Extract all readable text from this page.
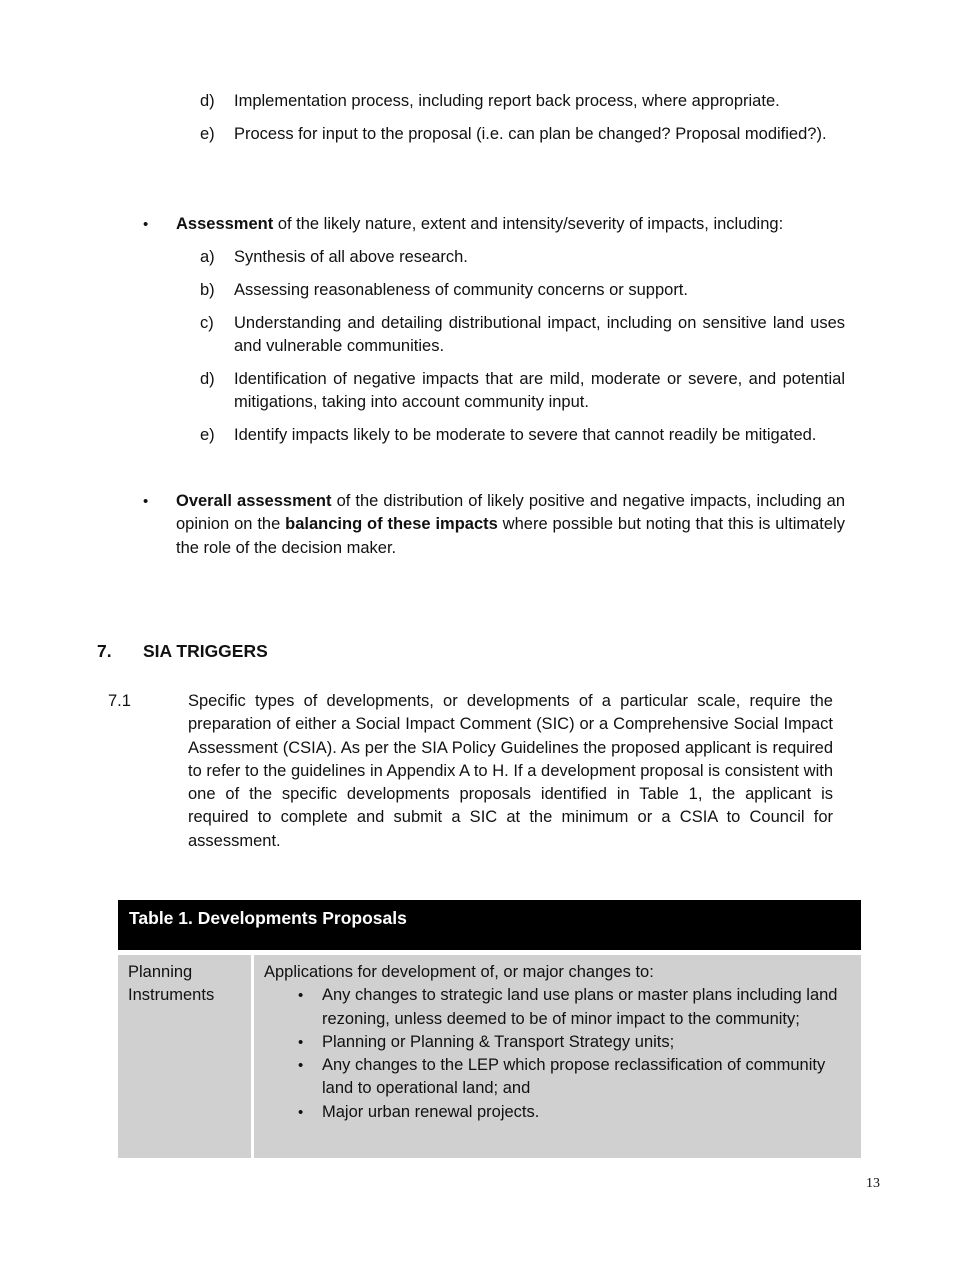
d) Implementation process, including report back process, where appropriate.
e) Process for input to the proposal (i.e. can plan be changed? Proposal modified?).
• Assessment of the likely nature, extent and intensity/severity of impacts, including:
a) Synthesis of all above research.
b) Assessing reasonableness of community concerns or support.
c) Understanding and detailing distributional impact, including on sensitive land uses and vulnerable communities.
d) Identification of negative impacts that are mild, moderate or severe, and potential mitigations, taking into account community input.
e) Identify impacts likely to be moderate to severe that cannot readily be mitigated.
• Overall assessment of the distribution of likely positive and negative impacts, including an opinion on the balancing of these impacts where possible but noting that this is ultimately the role of the decision maker.
7. SIA TRIGGERS
7.1	Specific types of developments, or developments of a particular scale, require the preparation of either a Social Impact Comment (SIC) or a Comprehensive Social Impact Assessment (CSIA). As per the SIA Policy Guidelines the proposed applicant is required to refer to the guidelines in Appendix A to H. If a development proposal is consistent with one of the specific developments proposals identified in Table 1, the applicant is required to complete and submit a SIC at the minimum or a CSIA to Council for assessment.
Table 1. Developments Proposals
Planning Instruments
Applications for development of, or major changes to:
• Any changes to strategic land use plans or master plans including land rezoning, unless deemed to be of minor impact to the community;
• Planning or Planning & Transport Strategy units;
• Any changes to the LEP which propose reclassification of community land to operational land; and
• Major urban renewal projects.
13
